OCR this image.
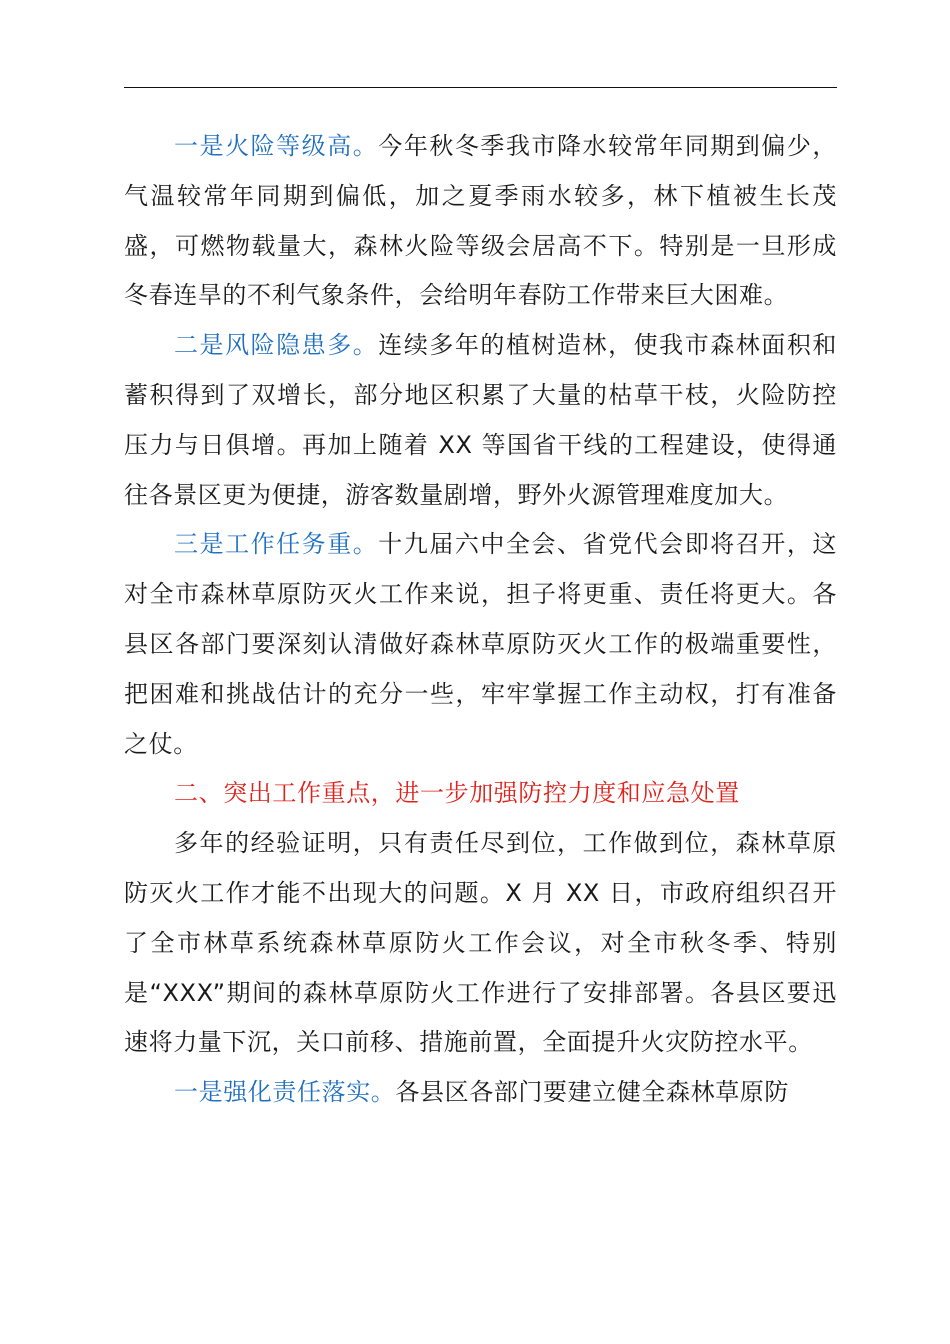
一是火险等级高。今年秋冬季我市降水较常年同期到偏少，气温较常年同期到偏低，加之夏季雨水较多，林下植被生长茂盛，可燃物载量大，森林火险等级会居高不下。特别是一旦形成冬春连旱的不利气象条件，会给明年春防工作带来巨大困难。

二是风险隐患多。连续多年的植树造林，使我市森林面积和蓄积得到了双增长，部分地区积累了大量的枯草干枝，火险防控压力与日俱增。再加上随着 XX 等国省干线的工程建设，使得通往各景区更为便捷，游客数量剧增，野外火源管理难度加大。

三是工作任务重。十九届六中全会、省党代会即将召开，这对全市森林草原防灭火工作来说，担子将更重、责任将更大。各县区各部门要深刻认清做好森林草原防灭火工作的极端重要性，把困难和挑战估计的充分一些，牢牢掌握工作主动权，打有准备之仗。

二、突出工作重点，进一步加强防控力度和应急处置

多年的经验证明，只有责任尽到位，工作做到位，森林草原防灭火工作才能不出现大的问题。X 月 XX 日，市政府组织召开了全市林草系统森林草原防火工作会议，对全市秋冬季、特别是“XXX”期间的森林草原防火工作进行了安排部署。各县区要迅速将力量下沉，关口前移、措施前置，全面提升火灾防控水平。

一是强化责任落实。各县区各部门要建立健全森林草原防
